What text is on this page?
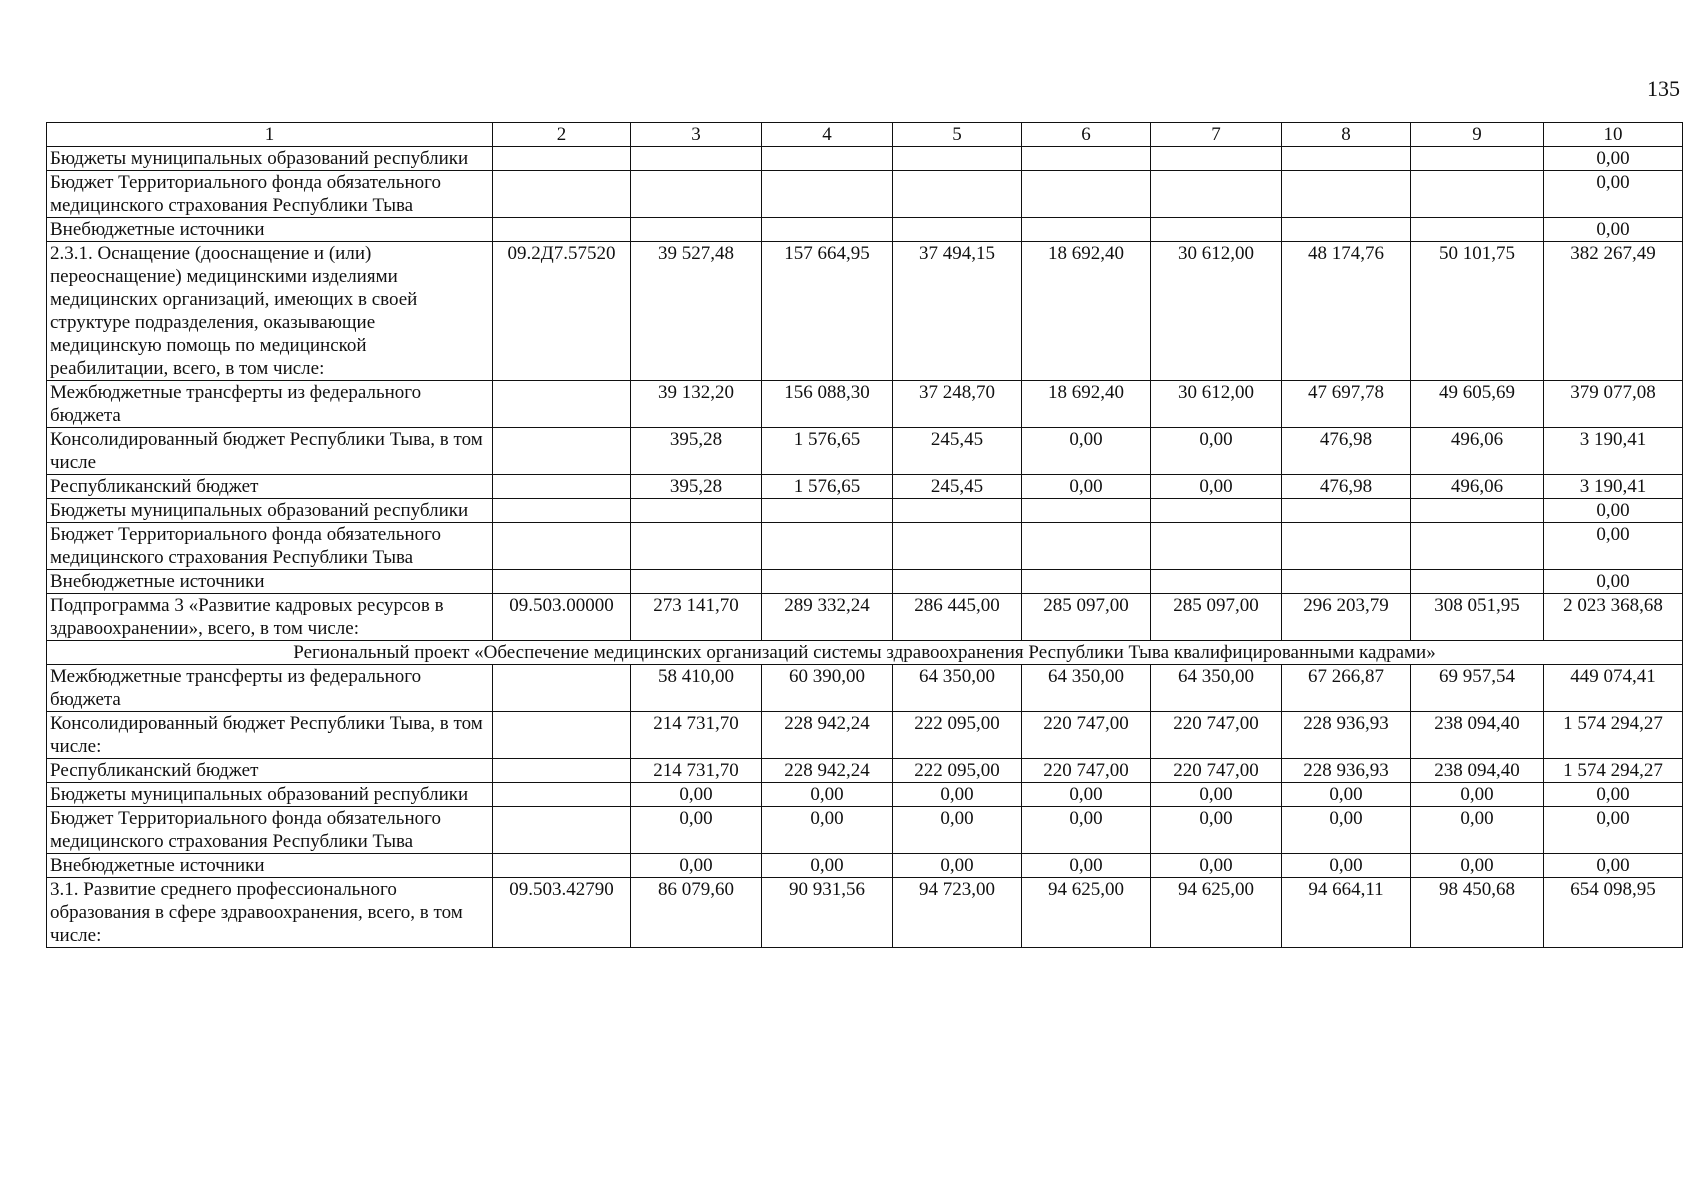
135
1	2	3	4	5	6	7	8	9	10
Бюджеты муниципальных образований республики									0,00
Бюджет Территориального фонда обязательного медицинского страхования Республики Тыва									0,00
Внебюджетные источники									0,00
2.3.1. Оснащение (дооснащение и (или) переоснащение) медицинскими изделиями медицинских организаций, имеющих в своей структуре подразделения, оказывающие медицинскую помощь по медицинской реабилитации, всего, в том числе:	09.2Д7.57520	39 527,48	157 664,95	37 494,15	18 692,40	30 612,00	48 174,76	50 101,75	382 267,49
Межбюджетные трансферты из федерального бюджета		39 132,20	156 088,30	37 248,70	18 692,40	30 612,00	47 697,78	49 605,69	379 077,08
Консолидированный бюджет Республики Тыва, в том числе		395,28	1 576,65	245,45	0,00	0,00	476,98	496,06	3 190,41
Республиканский бюджет		395,28	1 576,65	245,45	0,00	0,00	476,98	496,06	3 190,41
Бюджеты муниципальных образований республики									0,00
Бюджет Территориального фонда обязательного медицинского страхования Республики Тыва									0,00
Внебюджетные источники									0,00
Подпрограмма 3 «Развитие кадровых ресурсов в здравоохранении», всего, в том числе:	09.503.00000	273 141,70	289 332,24	286 445,00	285 097,00	285 097,00	296 203,79	308 051,95	2 023 368,68
Региональный проект «Обеспечение медицинских организаций системы здравоохранения Республики Тыва квалифицированными кадрами»									
Межбюджетные трансферты из федерального бюджета		58 410,00	60 390,00	64 350,00	64 350,00	64 350,00	67 266,87	69 957,54	449 074,41
Консолидированный бюджет Республики Тыва, в том числе:		214 731,70	228 942,24	222 095,00	220 747,00	220 747,00	228 936,93	238 094,40	1 574 294,27
Республиканский бюджет		214 731,70	228 942,24	222 095,00	220 747,00	220 747,00	228 936,93	238 094,40	1 574 294,27
Бюджеты муниципальных образований республики		0,00	0,00	0,00	0,00	0,00	0,00	0,00	0,00
Бюджет Территориального фонда обязательного медицинского страхования Республики Тыва		0,00	0,00	0,00	0,00	0,00	0,00	0,00	0,00
Внебюджетные источники		0,00	0,00	0,00	0,00	0,00	0,00	0,00	0,00
3.1. Развитие среднего профессионального образования в сфере здравоохранения, всего, в том числе:	09.503.42790	86 079,60	90 931,56	94 723,00	94 625,00	94 625,00	94 664,11	98 450,68	654 098,95
